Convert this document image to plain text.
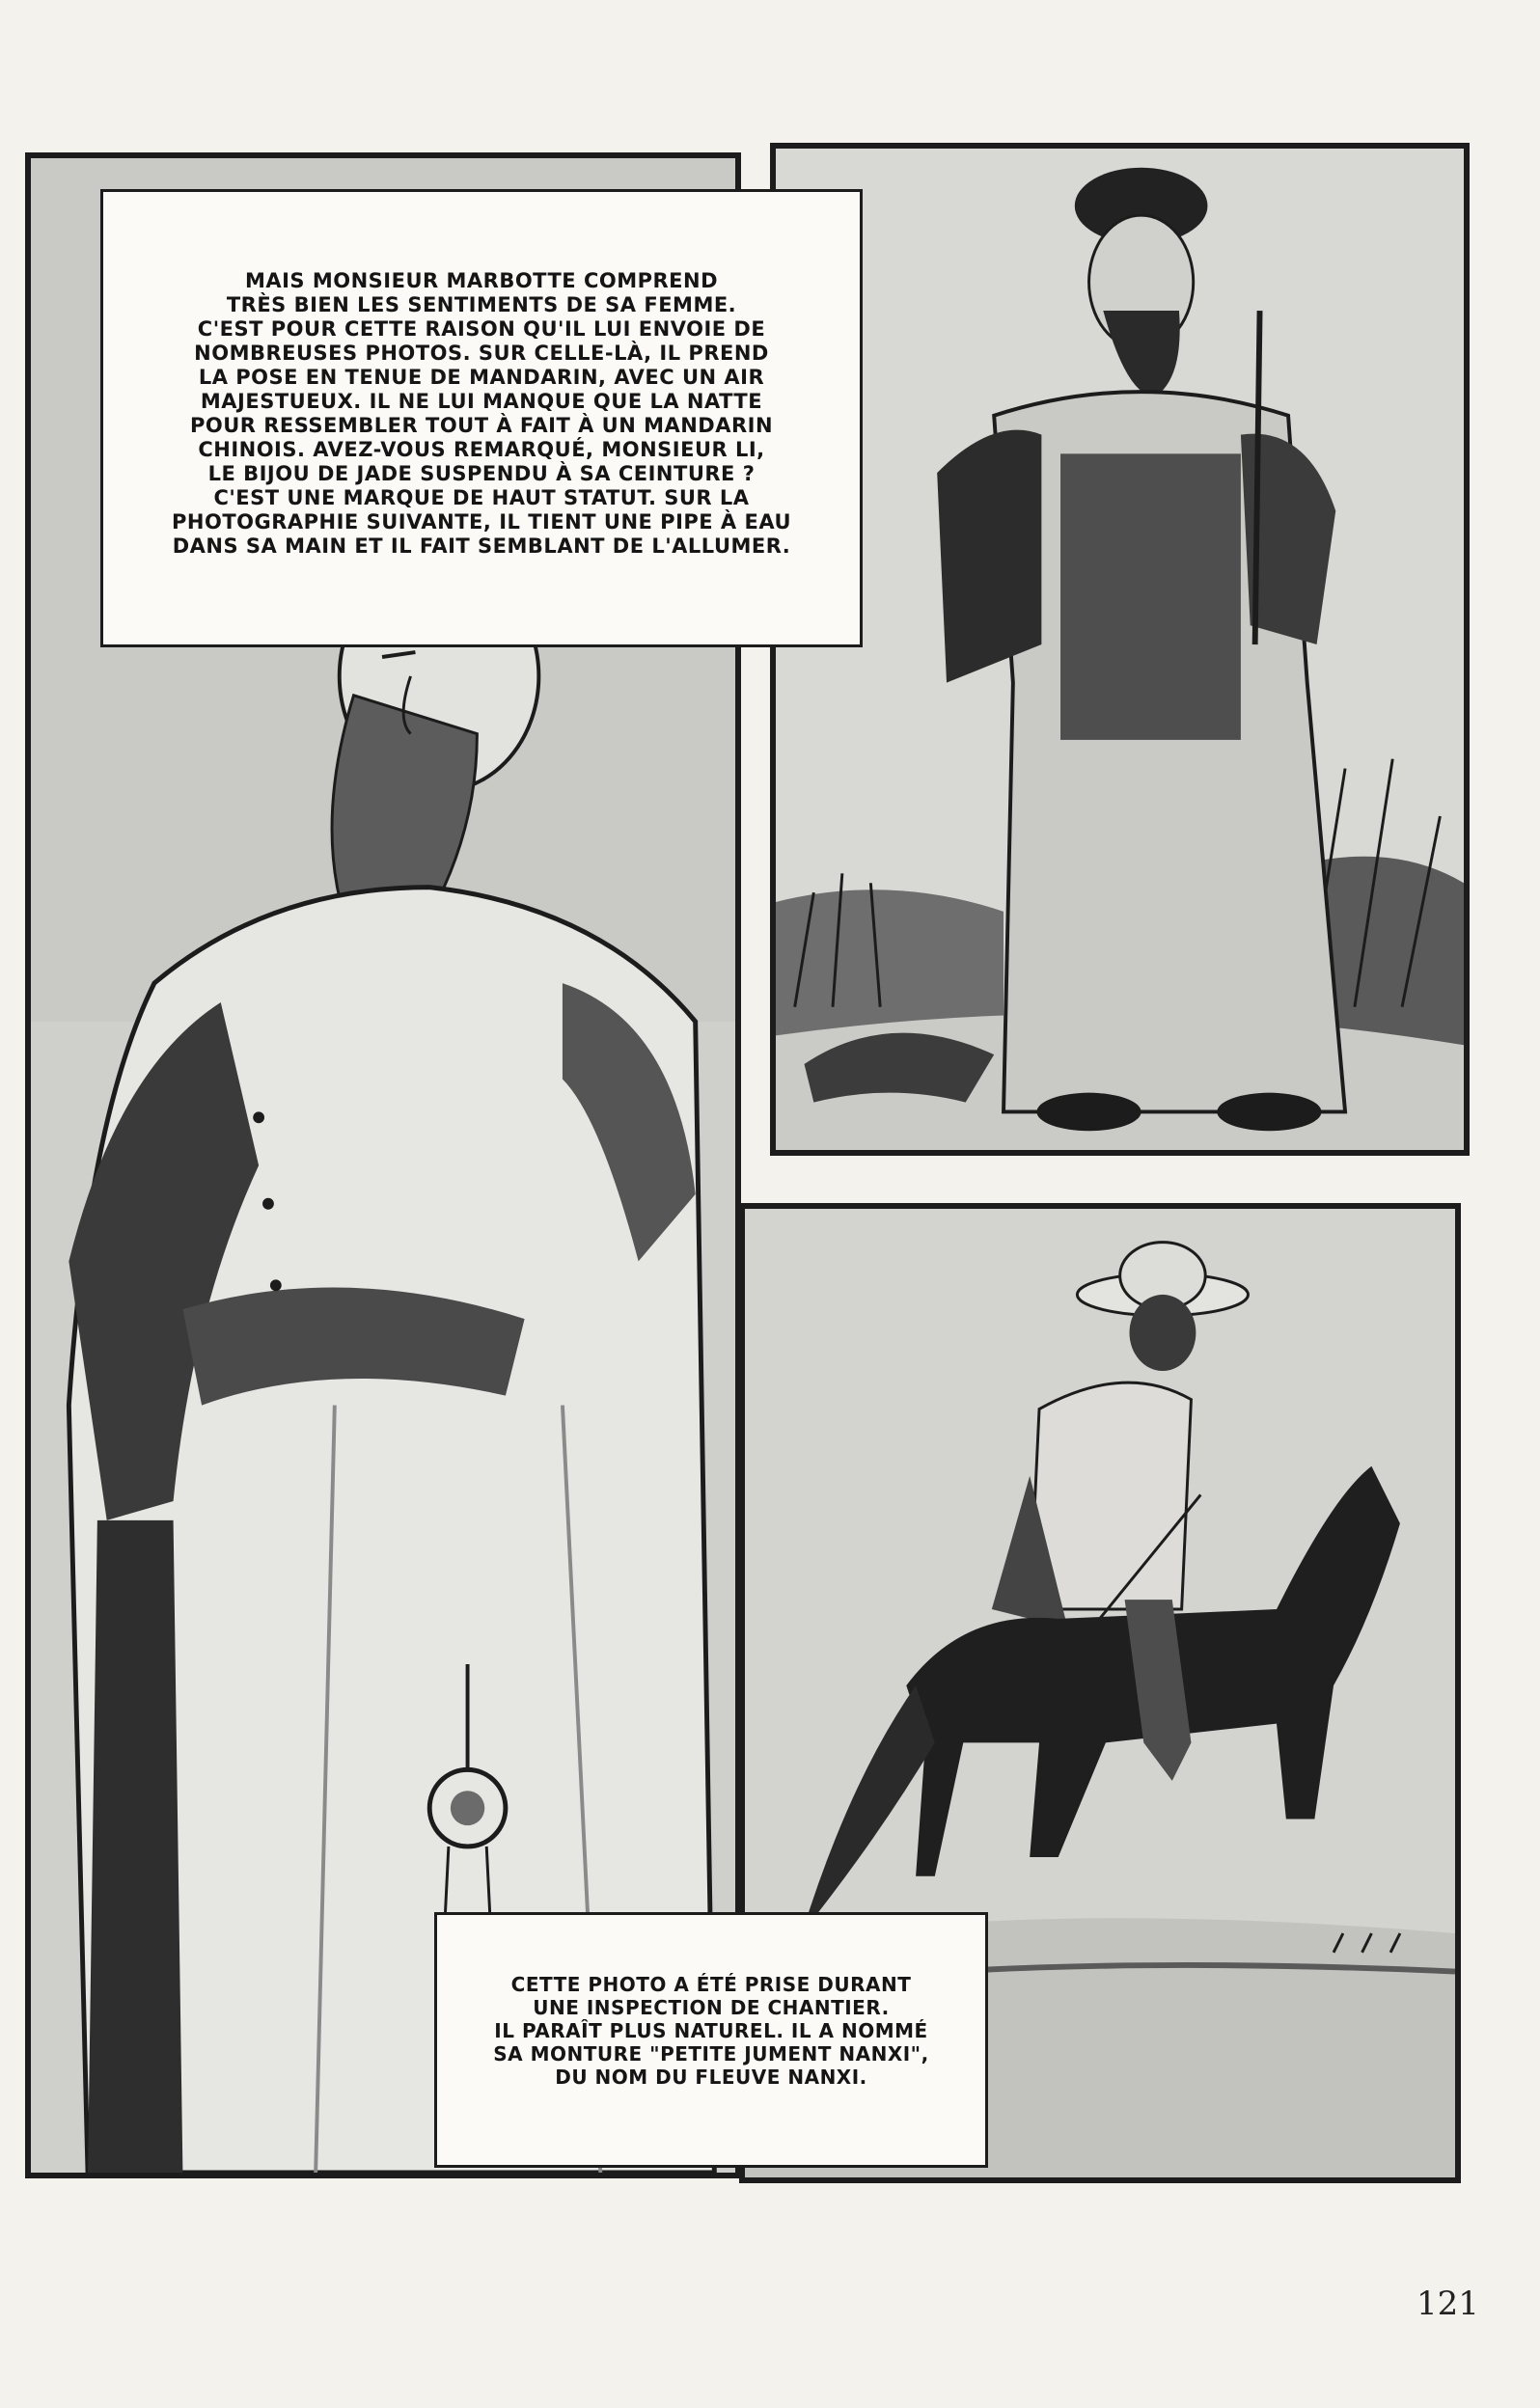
MAIS MONSIEUR MARBOTTE COMPREND
TRÈS BIEN LES SENTIMENTS DE SA FEMME.
C'EST POUR CETTE RAISON QU'IL LUI ENVOIE DE
NOMBREUSES PHOTOS. SUR CELLE-LÀ, IL PREND
LA POSE EN TENUE DE MANDARIN, AVEC UN AIR
MAJESTUEUX. IL NE LUI MANQUE QUE LA NATTE
POUR RESSEMBLER TOUT À FAIT À UN MANDARIN
CHINOIS. AVEZ-VOUS REMARQUÉ, MONSIEUR LI,
LE BIJOU DE JADE SUSPENDU À SA CEINTURE ?
C'EST UNE MARQUE DE HAUT STATUT. SUR LA
PHOTOGRAPHIE SUIVANTE, IL TIENT UNE PIPE À EAU
DANS SA MAIN ET IL FAIT SEMBLANT DE L'ALLUMER.
CETTE PHOTO A ÉTÉ PRISE DURANT
UNE INSPECTION DE CHANTIER.
IL PARAÎT PLUS NATUREL. IL A NOMMÉ
SA MONTURE "PETITE JUMENT NANXI",
DU NOM DU FLEUVE NANXI.
121
